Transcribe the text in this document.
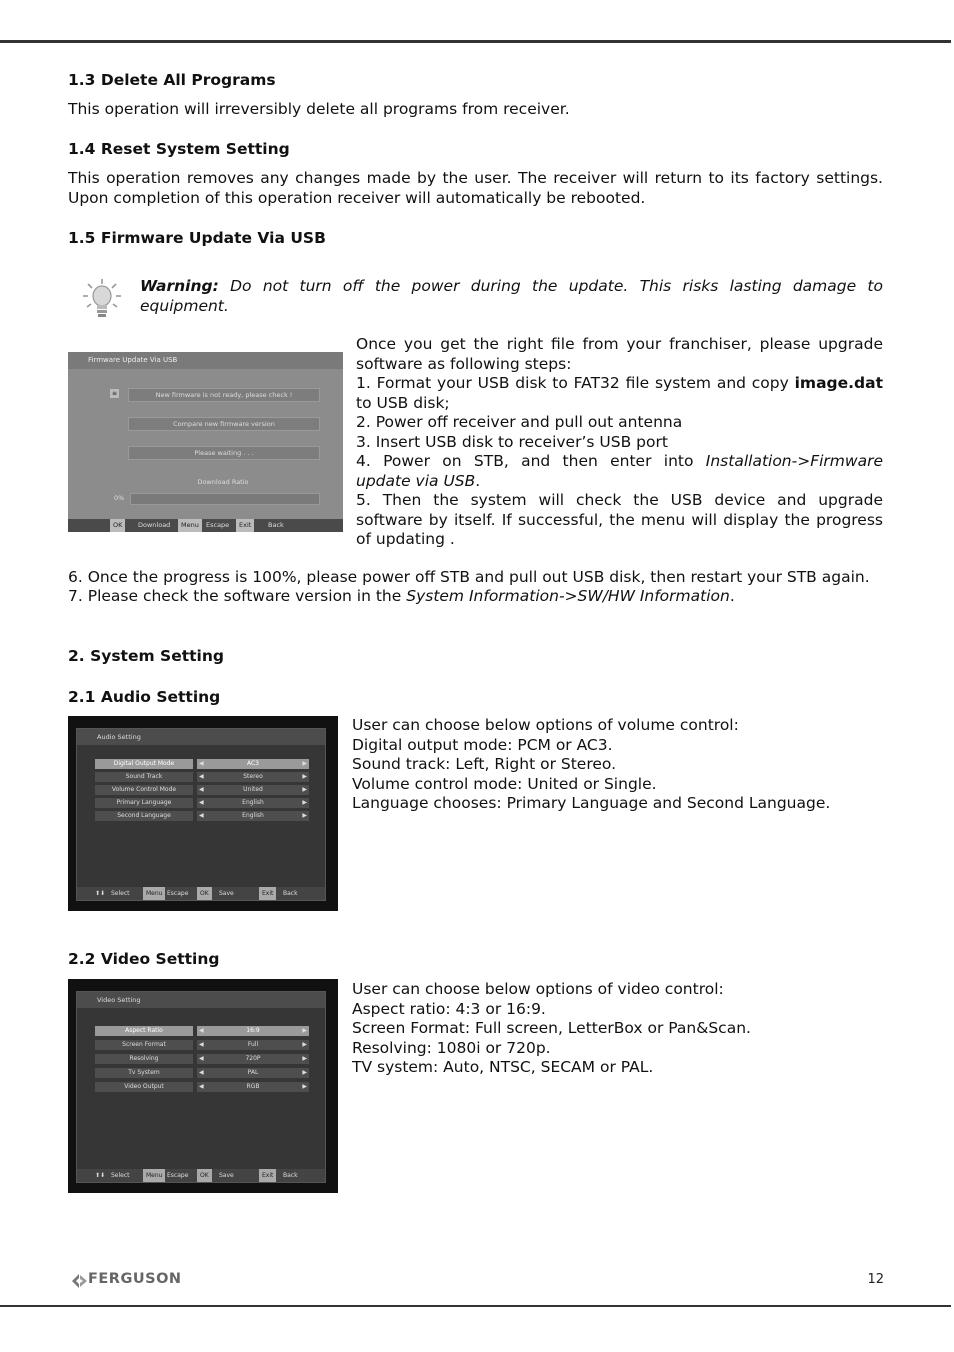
1.3 Delete All Programs

This operation will irreversibly delete all programs from receiver.

1.4 Reset System Setting

This operation removes any changes made by the user. The receiver will return to its factory settings. Upon completion of this operation receiver will automatically be rebooted.

1.5 Firmware Update Via USB
Warning: Do not turn off the power during the update. This risks lasting damage to equipment.
Firmware Update Via USB
≡	New firmware is not ready, please check !
Compare new firmware version
Please waiting . . .
Download Ratio
0%
OK	Download	Menu	Escape	Exit	Back
Once you get the right file from your franchiser, please upgrade software as following steps:
1. Format your USB disk to FAT32 file system and copy image.dat to USB disk;
2. Power off receiver and pull out antenna
3. Insert USB disk to receiver’s USB port
4. Power on STB, and then enter into Installation->Firmware update via USB.
5. Then the system will check the USB device and upgrade software by itself. If successful, the menu will display the progress of updating .
6. Once the progress is 100%, please power off STB and pull out USB disk, then restart your STB again.
7. Please check the software version in the System Information->SW/HW Information.
2. System Setting
2.1 Audio Setting
Audio Setting
Digital Output Mode	AC3
◀	▶
Sound Track	Stereo
◀	▶
Volume Control Mode	United
◀	▶
Primary Language	English
◀	▶
Second Language	English
◀	▶
⬆⬇ Select	Menu Escape	OK	Save	Exit	Back
User can choose below options of volume control:
Digital output mode: PCM or AC3.
Sound track: Left, Right or Stereo.
Volume control mode: United or Single.
Language chooses: Primary Language and Second Language.
2.2 Video Setting
Video Setting
Aspect Ratio	16:9
◀	▶
Screen Format	Full
◀	▶
Resolving	720P
◀	▶
Tv System	PAL
◀	▶
Video Output	RGB
◀	▶
⬆⬇ Select	Menu Escape	OK	Save	Exit	Back
User can choose below options of video control:
Aspect ratio: 4:3 or 16:9.
Screen Format: Full screen, LetterBox or Pan&Scan.
Resolving: 1080i or 720p.
TV system: Auto, NTSC, SECAM or PAL.
FERGUSON	12
